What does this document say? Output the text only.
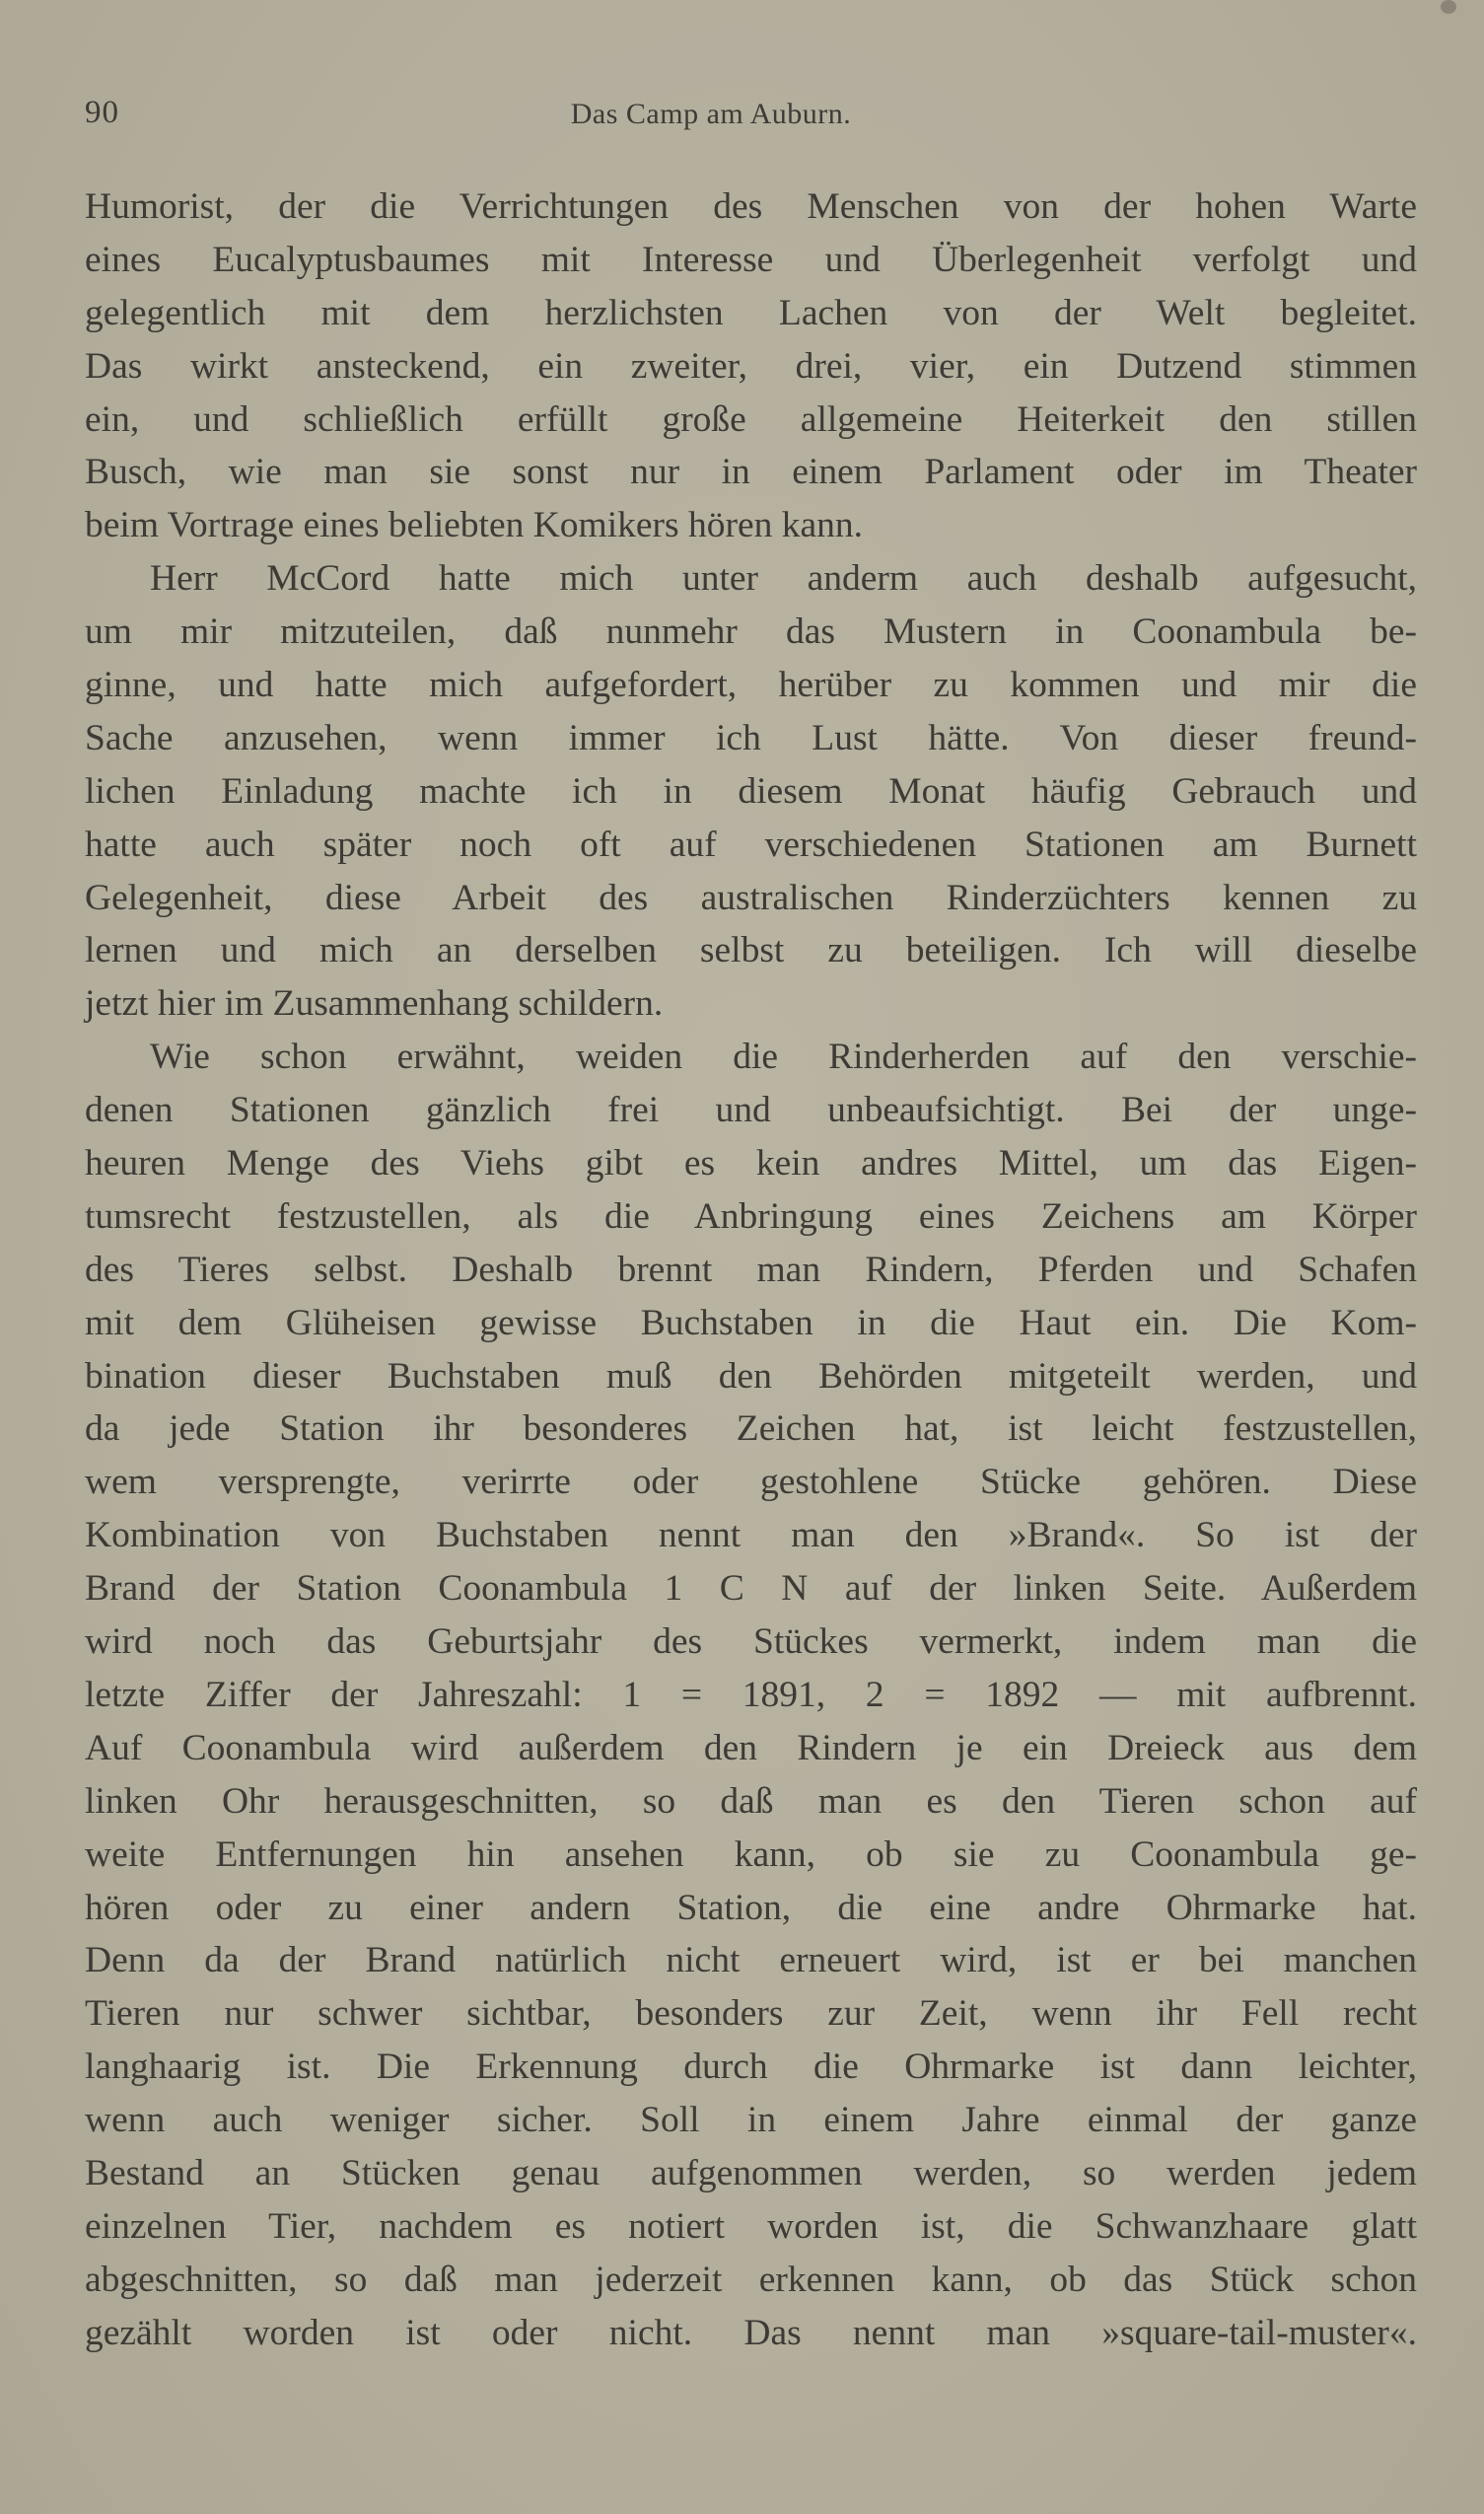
90	Das Camp am Auburn.
Humorist, der die Verrichtungen des Menschen von der hohen Warte
eines Eucalyptusbaumes mit Interesse und Überlegenheit verfolgt und
gelegentlich mit dem herzlichsten Lachen von der Welt begleitet.
Das wirkt ansteckend, ein zweiter, drei, vier, ein Dutzend stimmen
ein, und schließlich erfüllt große allgemeine Heiterkeit den stillen
Busch, wie man sie sonst nur in einem Parlament oder im Theater
beim Vortrage eines beliebten Komikers hören kann.
Herr McCord hatte mich unter anderm auch deshalb aufgesucht,
um mir mitzuteilen, daß nunmehr das Mustern in Coonambula be-
ginne, und hatte mich aufgefordert, herüber zu kommen und mir die
Sache anzusehen, wenn immer ich Lust hätte. Von dieser freund-
lichen Einladung machte ich in diesem Monat häufig Gebrauch und
hatte auch später noch oft auf verschiedenen Stationen am Burnett
Gelegenheit, diese Arbeit des australischen Rinderzüchters kennen zu
lernen und mich an derselben selbst zu beteiligen. Ich will dieselbe
jetzt hier im Zusammenhang schildern.
Wie schon erwähnt, weiden die Rinderherden auf den verschie-
denen Stationen gänzlich frei und unbeaufsichtigt. Bei der unge-
heuren Menge des Viehs gibt es kein andres Mittel, um das Eigen-
tumsrecht festzustellen, als die Anbringung eines Zeichens am Körper
des Tieres selbst. Deshalb brennt man Rindern, Pferden und Schafen
mit dem Glüheisen gewisse Buchstaben in die Haut ein. Die Kom-
bination dieser Buchstaben muß den Behörden mitgeteilt werden, und
da jede Station ihr besonderes Zeichen hat, ist leicht festzustellen,
wem versprengte, verirrte oder gestohlene Stücke gehören. Diese
Kombination von Buchstaben nennt man den »Brand«. So ist der
Brand der Station Coonambula 1 C N auf der linken Seite. Außerdem
wird noch das Geburtsjahr des Stückes vermerkt, indem man die
letzte Ziffer der Jahreszahl: 1 = 1891, 2 = 1892 — mit aufbrennt.
Auf Coonambula wird außerdem den Rindern je ein Dreieck aus dem
linken Ohr herausgeschnitten, so daß man es den Tieren schon auf
weite Entfernungen hin ansehen kann, ob sie zu Coonambula ge-
hören oder zu einer andern Station, die eine andre Ohrmarke hat.
Denn da der Brand natürlich nicht erneuert wird, ist er bei manchen
Tieren nur schwer sichtbar, besonders zur Zeit, wenn ihr Fell recht
langhaarig ist. Die Erkennung durch die Ohrmarke ist dann leichter,
wenn auch weniger sicher. Soll in einem Jahre einmal der ganze
Bestand an Stücken genau aufgenommen werden, so werden jedem
einzelnen Tier, nachdem es notiert worden ist, die Schwanzhaare glatt
abgeschnitten, so daß man jederzeit erkennen kann, ob das Stück schon
gezählt worden ist oder nicht. Das nennt man »square-tail-muster«.
